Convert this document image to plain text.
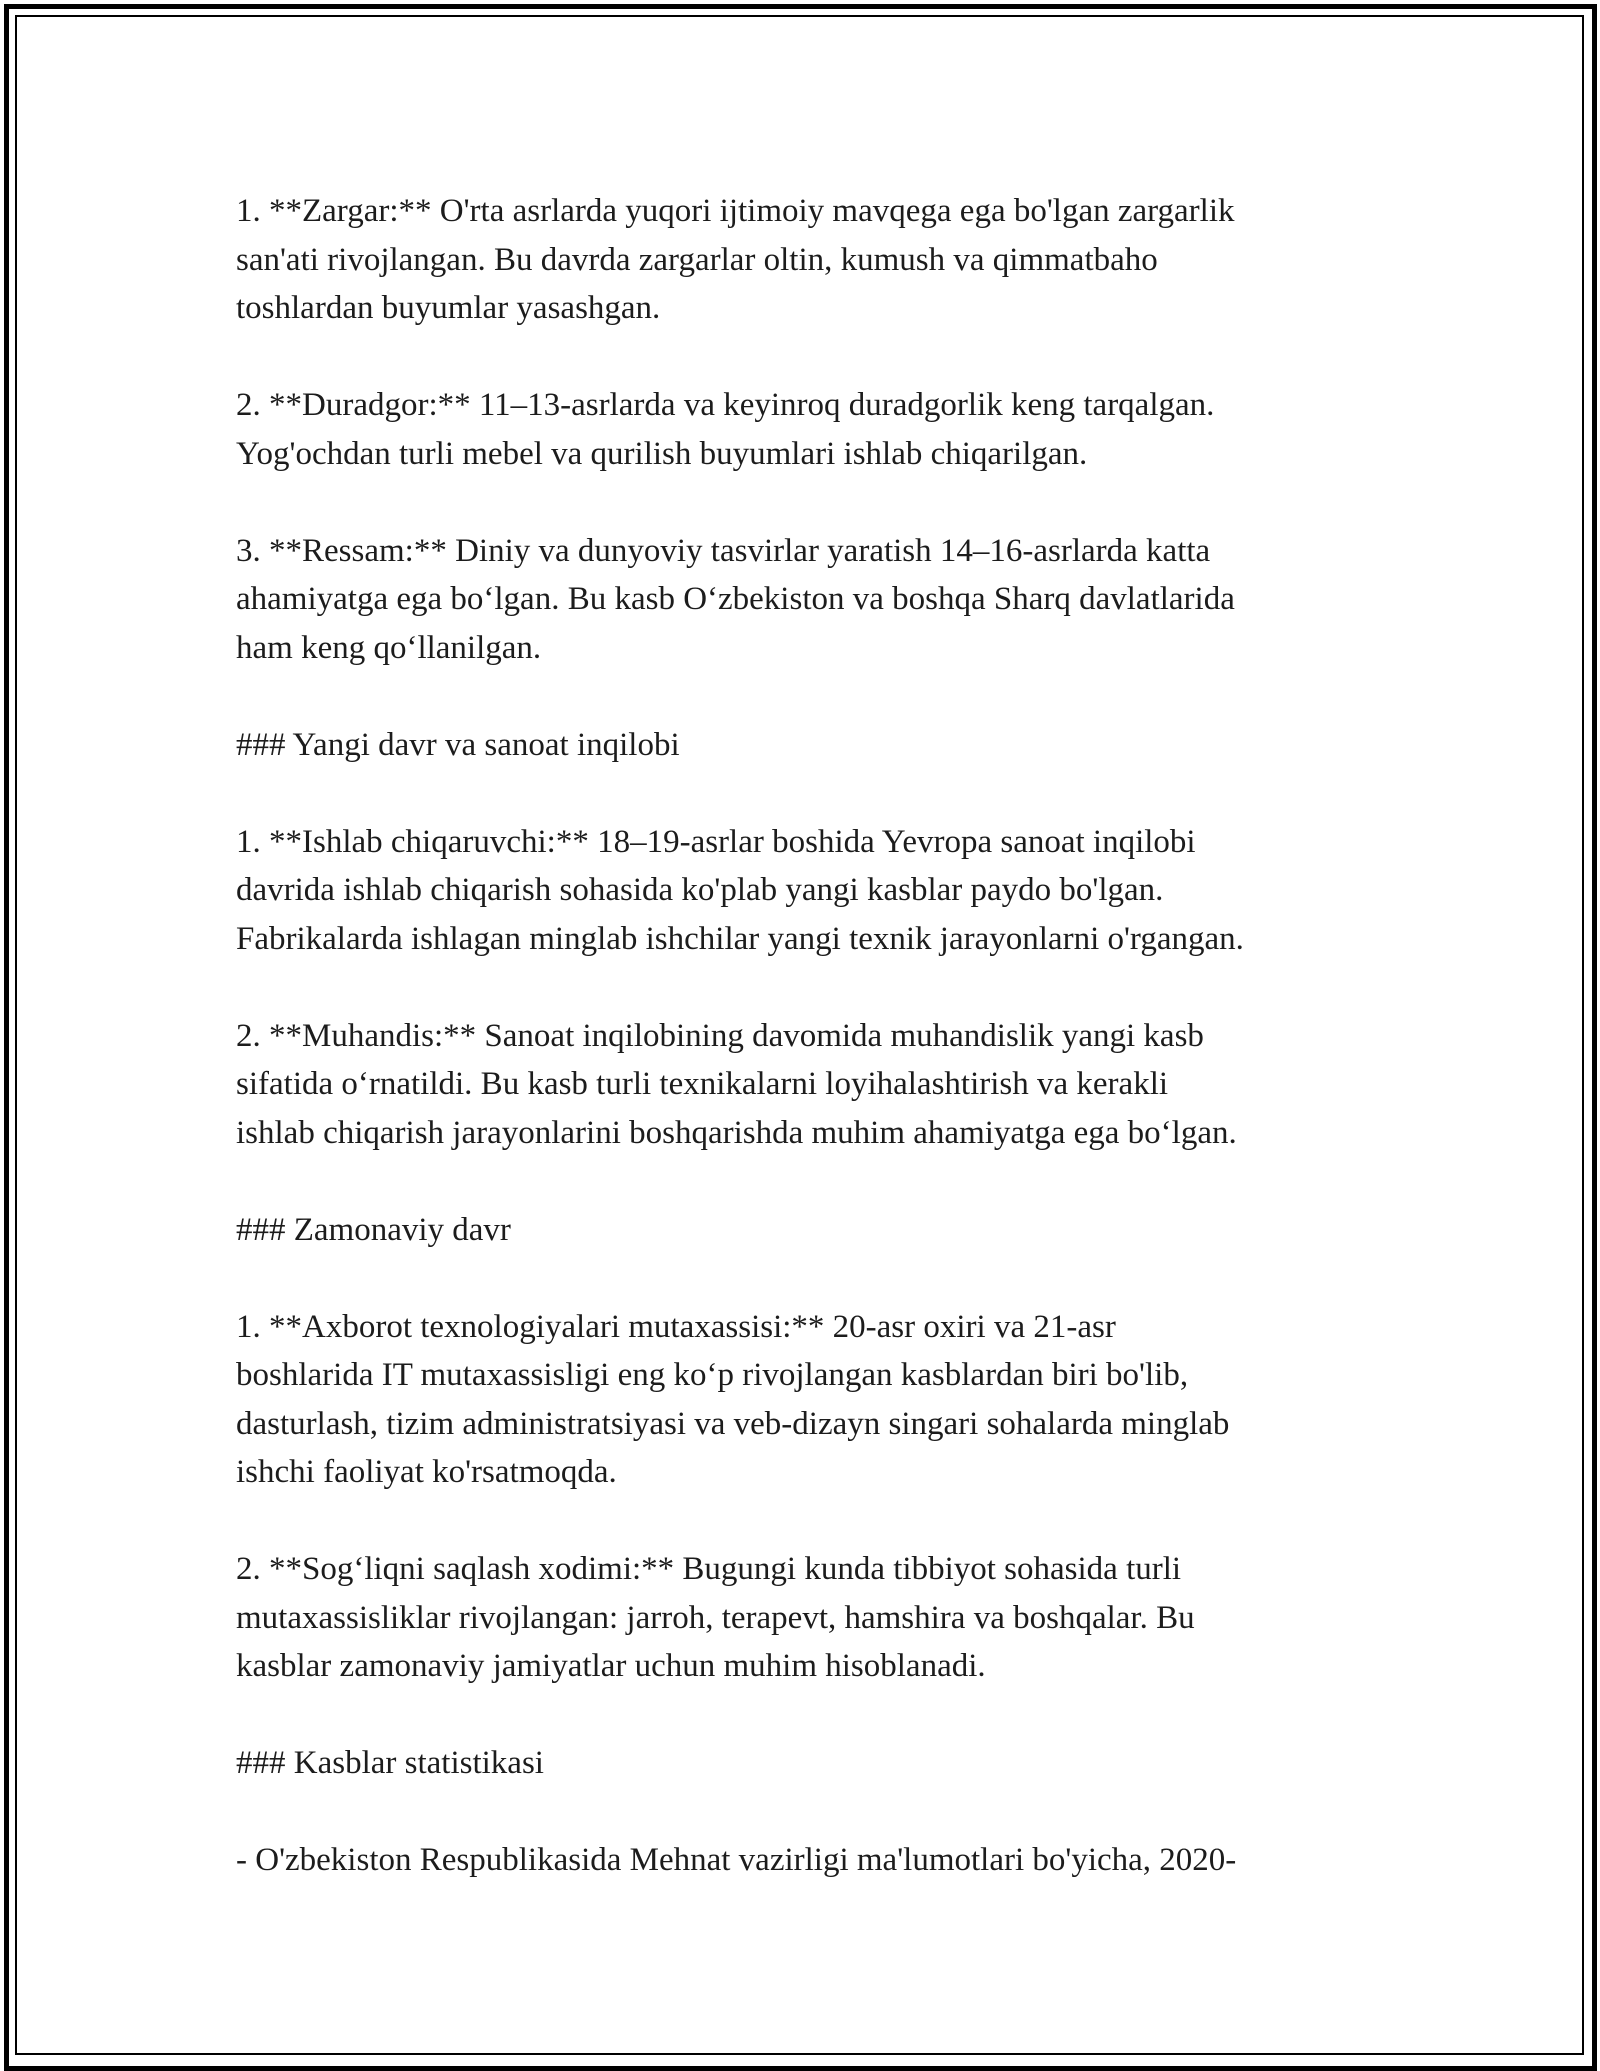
1. **Zargar:** O'rta asrlarda yuqori ijtimoiy mavqega ega bo'lgan zargarlik
san'ati rivojlangan. Bu davrda zargarlar oltin, kumush va qimmatbaho
toshlardan buyumlar yasashgan.
2. **Duradgor:** 11–13-asrlarda va keyinroq duradgorlik keng tarqalgan.
Yog'ochdan turli mebel va qurilish buyumlari ishlab chiqarilgan.
3. **Ressam:** Diniy va dunyoviy tasvirlar yaratish 14–16-asrlarda katta
ahamiyatga ega bo‘lgan. Bu kasb O‘zbekiston va boshqa Sharq davlatlarida
ham keng qo‘llanilgan.
### Yangi davr va sanoat inqilobi
1. **Ishlab chiqaruvchi:** 18–19-asrlar boshida Yevropa sanoat inqilobi
davrida ishlab chiqarish sohasida ko'plab yangi kasblar paydo bo'lgan.
Fabrikalarda ishlagan minglab ishchilar yangi texnik jarayonlarni o'rgangan.
2. **Muhandis:** Sanoat inqilobining davomida muhandislik yangi kasb
sifatida o‘rnatildi. Bu kasb turli texnikalarni loyihalashtirish va kerakli
ishlab chiqarish jarayonlarini boshqarishda muhim ahamiyatga ega bo‘lgan.
### Zamonaviy davr
1. **Axborot texnologiyalari mutaxassisi:** 20-asr oxiri va 21-asr
boshlarida IT mutaxassisligi eng ko‘p rivojlangan kasblardan biri bo'lib,
dasturlash, tizim administratsiyasi va veb-dizayn singari sohalarda minglab
ishchi faoliyat ko'rsatmoqda.
2. **Sog‘liqni saqlash xodimi:** Bugungi kunda tibbiyot sohasida turli
mutaxassisliklar rivojlangan: jarroh, terapevt, hamshira va boshqalar. Bu
kasblar zamonaviy jamiyatlar uchun muhim hisoblanadi.
### Kasblar statistikasi
- O'zbekiston Respublikasida Mehnat vazirligi ma'lumotlari bo'yicha, 2020-
